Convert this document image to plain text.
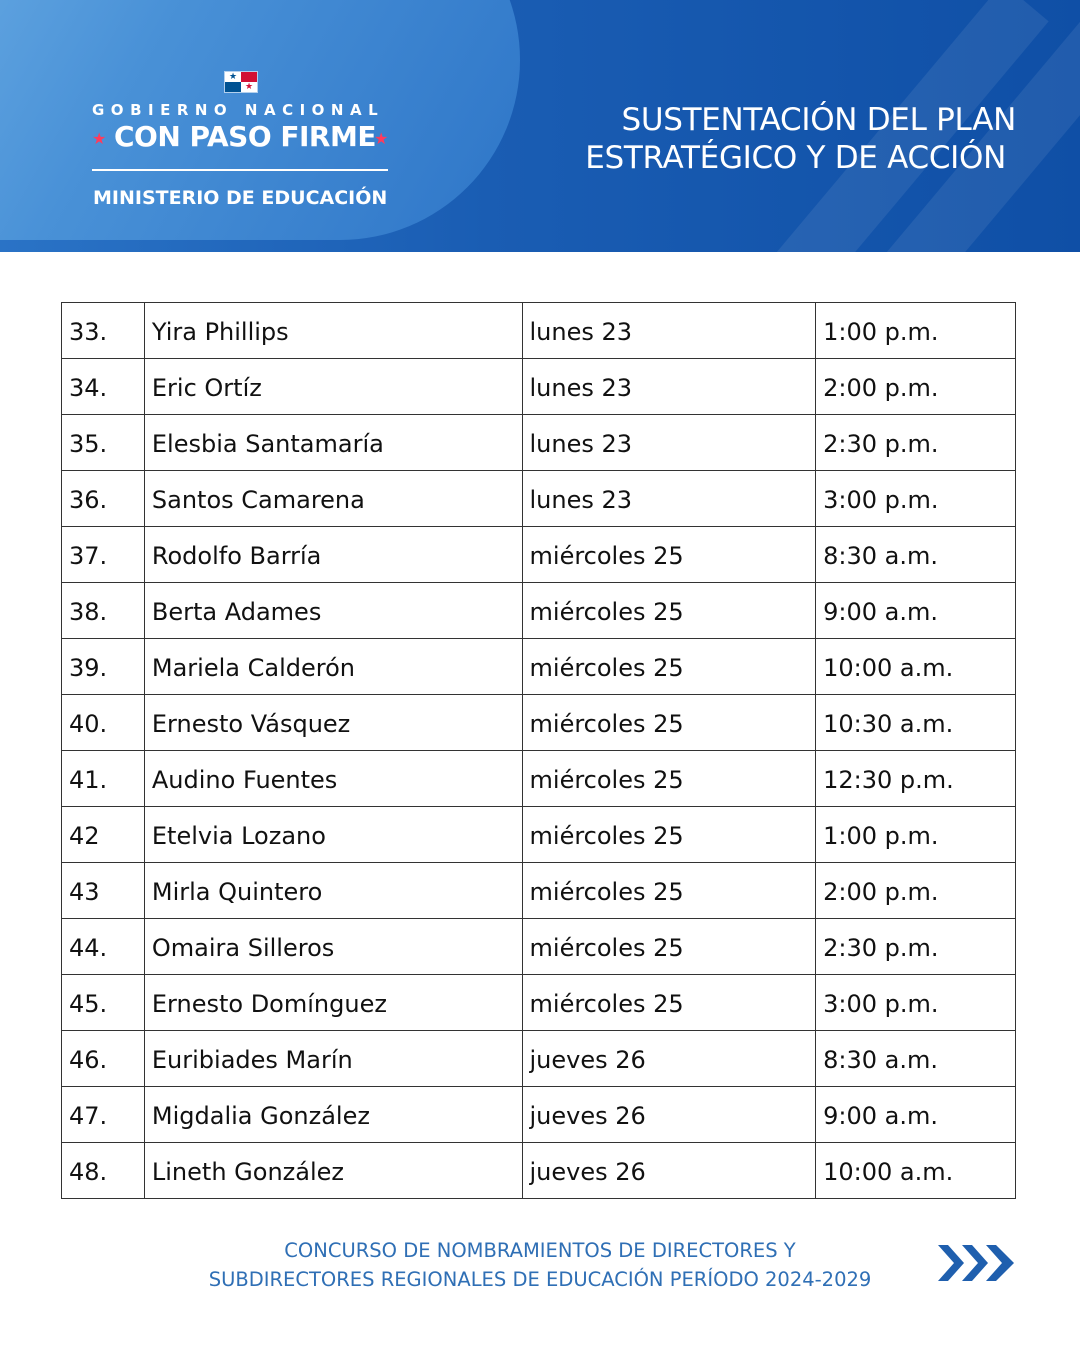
★
★
GOBIERNO NACIONAL
★ CON PASO FIRME
★
MINISTERIO DE EDUCACIÓN
SUSTENTACIÓN DEL PLAN
ESTRATÉGICO Y DE ACCIÓN
33.	Yira Phillips	lunes 23	1:00 p.m.
34.	Eric Ortíz	lunes 23	2:00 p.m.
35.	Elesbia Santamaría	lunes 23	2:30 p.m.
36.	Santos Camarena	lunes 23	3:00 p.m.
37.	Rodolfo Barría	miércoles 25	8:30 a.m.
38.	Berta Adames	miércoles 25	9:00 a.m.
39.	Mariela Calderón	miércoles 25	10:00 a.m.
40.	Ernesto Vásquez	miércoles 25	10:30 a.m.
41.	Audino Fuentes	miércoles 25	12:30 p.m.
42	Etelvia Lozano	miércoles 25	1:00 p.m.
43	Mirla Quintero	miércoles 25	2:00 p.m.
44.	Omaira Silleros	miércoles 25	2:30 p.m.
45.	Ernesto Domínguez	miércoles 25	3:00 p.m.
46.	Euribiades Marín	jueves 26	8:30 a.m.
47.	Migdalia González	jueves 26	9:00 a.m.
48.	Lineth González	jueves 26	10:00 a.m.
CONCURSO DE NOMBRAMIENTOS DE DIRECTORES Y
SUBDIRECTORES REGIONALES DE EDUCACIÓN PERÍODO 2024-2029
